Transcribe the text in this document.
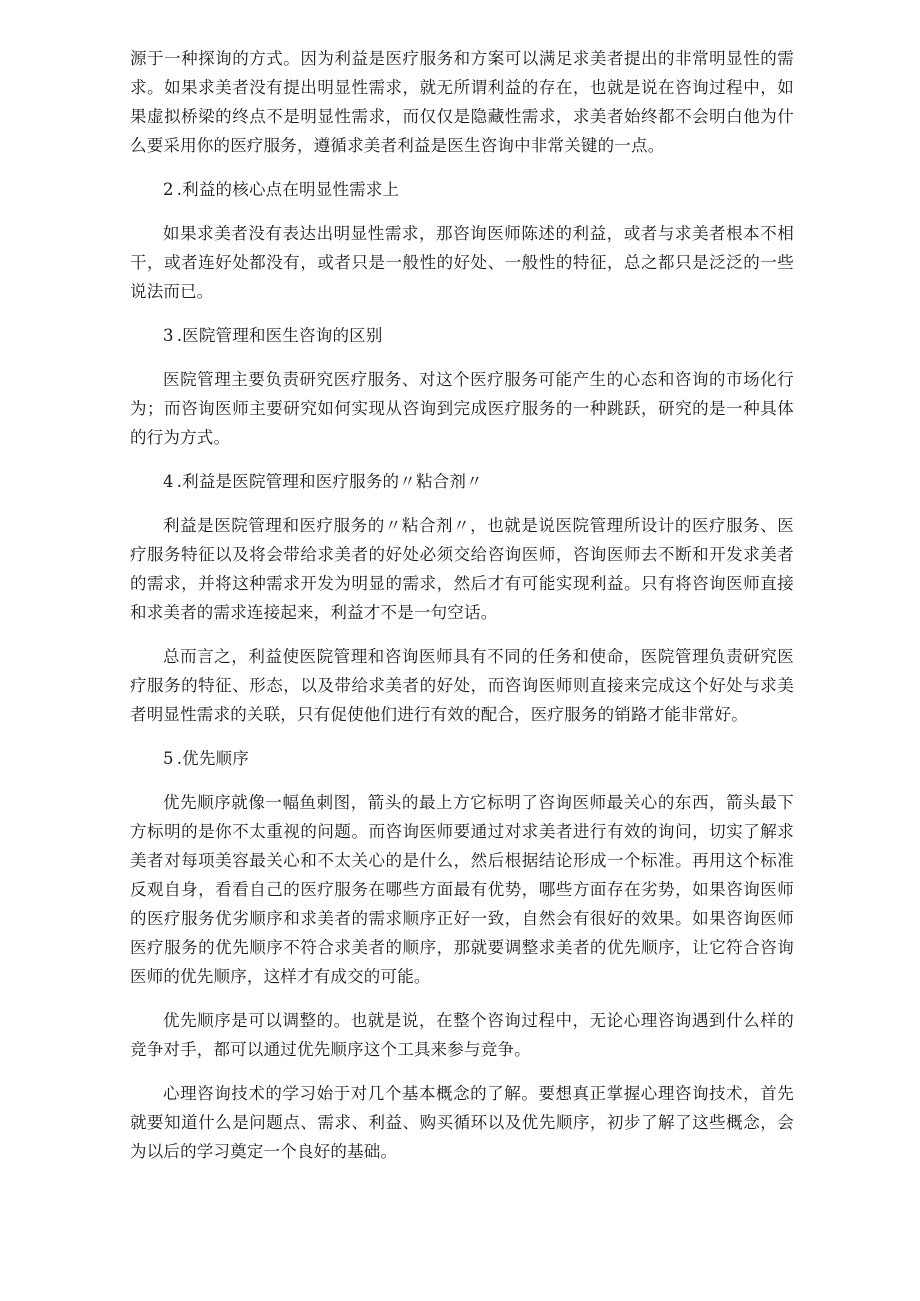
源于一种探询的方式。因为利益是医疗服务和方案可以满足求美者提出的非常明显性的需求。如果求美者没有提出明显性需求，就无所谓利益的存在，也就是说在咨询过程中，如果虚拟桥梁的终点不是明显性需求，而仅仅是隐藏性需求，求美者始终都不会明白他为什么要采用你的医疗服务，遵循求美者利益是医生咨询中非常关键的一点。

2 .利益的核心点在明显性需求上

如果求美者没有表达出明显性需求，那咨询医师陈述的利益，或者与求美者根本不相干，或者连好处都没有，或者只是一般性的好处、一般性的特征，总之都只是泛泛的一些说法而已。

3 .医院管理和医生咨询的区别

医院管理主要负责研究医疗服务、对这个医疗服务可能产生的心态和咨询的市场化行为；而咨询医师主要研究如何实现从咨询到完成医疗服务的一种跳跃，研究的是一种具体的行为方式。

4 .利益是医院管理和医疗服务的〃粘合剂〃

利益是医院管理和医疗服务的〃粘合剂〃，也就是说医院管理所设计的医疗服务、医疗服务特征以及将会带给求美者的好处必须交给咨询医师，咨询医师去不断和开发求美者的需求，并将这种需求开发为明显的需求，然后才有可能实现利益。只有将咨询医师直接和求美者的需求连接起来，利益才不是一句空话。

总而言之，利益使医院管理和咨询医师具有不同的任务和使命，医院管理负责研究医疗服务的特征、形态，以及带给求美者的好处，而咨询医师则直接来完成这个好处与求美者明显性需求的关联，只有促使他们进行有效的配合，医疗服务的销路才能非常好。

5 .优先顺序

优先顺序就像一幅鱼刺图，箭头的最上方它标明了咨询医师最关心的东西，箭头最下方标明的是你不太重视的问题。而咨询医师要通过对求美者进行有效的询问，切实了解求美者对每项美容最关心和不太关心的是什么，然后根据结论形成一个标准。再用这个标准反观自身，看看自己的医疗服务在哪些方面最有优势，哪些方面存在劣势，如果咨询医师的医疗服务优劣顺序和求美者的需求顺序正好一致，自然会有很好的效果。如果咨询医师医疗服务的优先顺序不符合求美者的顺序，那就要调整求美者的优先顺序，让它符合咨询医师的优先顺序，这样才有成交的可能。

优先顺序是可以调整的。也就是说，在整个咨询过程中，无论心理咨询遇到什么样的竞争对手，都可以通过优先顺序这个工具来参与竞争。

心理咨询技术的学习始于对几个基本概念的了解。要想真正掌握心理咨询技术，首先就要知道什么是问题点、需求、利益、购买循环以及优先顺序，初步了解了这些概念，会为以后的学习奠定一个良好的基础。
